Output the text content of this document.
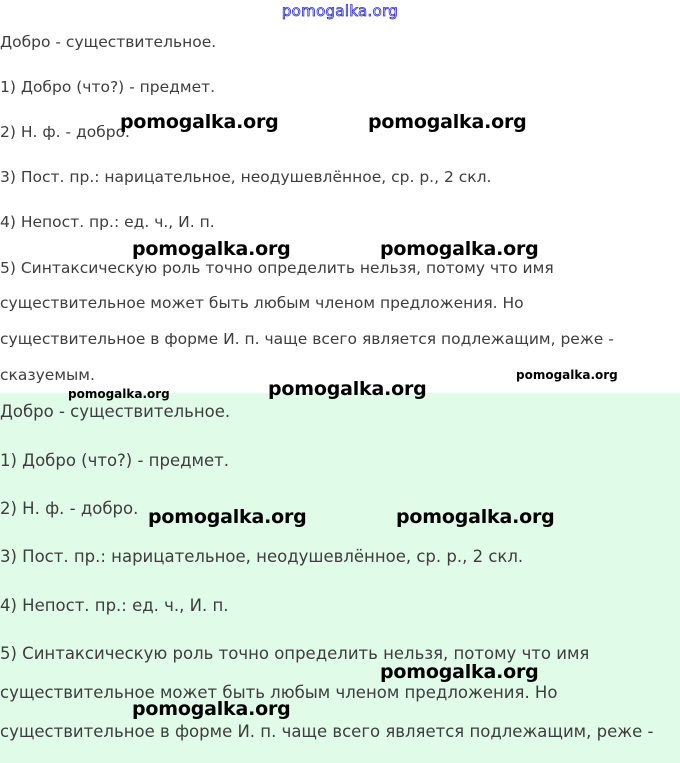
pomogalka.org
Добро - существительное.
1) Добро (что?) - предмет.
2) Н. ф. - добро.
3) Пост. пр.: нарицательное, неодушевлённое, ср. р., 2 скл.
4) Непост. пр.: ед. ч., И. п.
5) Синтаксическую роль точно определить нельзя, потому что имя
существительное может быть любым членом предложения. Но
существительное в форме И. п. чаще всего является подлежащим, реже -
сказуемым.
Добро - существительное.
1) Добро (что?) - предмет.
2) Н. ф. - добро.
3) Пост. пр.: нарицательное, неодушевлённое, ср. р., 2 скл.
4) Непост. пр.: ед. ч., И. п.
5) Синтаксическую роль точно определить нельзя, потому что имя
существительное может быть любым членом предложения. Но
существительное в форме И. п. чаще всего является подлежащим, реже -
pomogalka.org	pomogalka.org
pomogalka.org	pomogalka.org
pomogalka.org
pomogalka.org
pomogalka.org
pomogalka.org	pomogalka.org
pomogalka.org
pomogalka.org
